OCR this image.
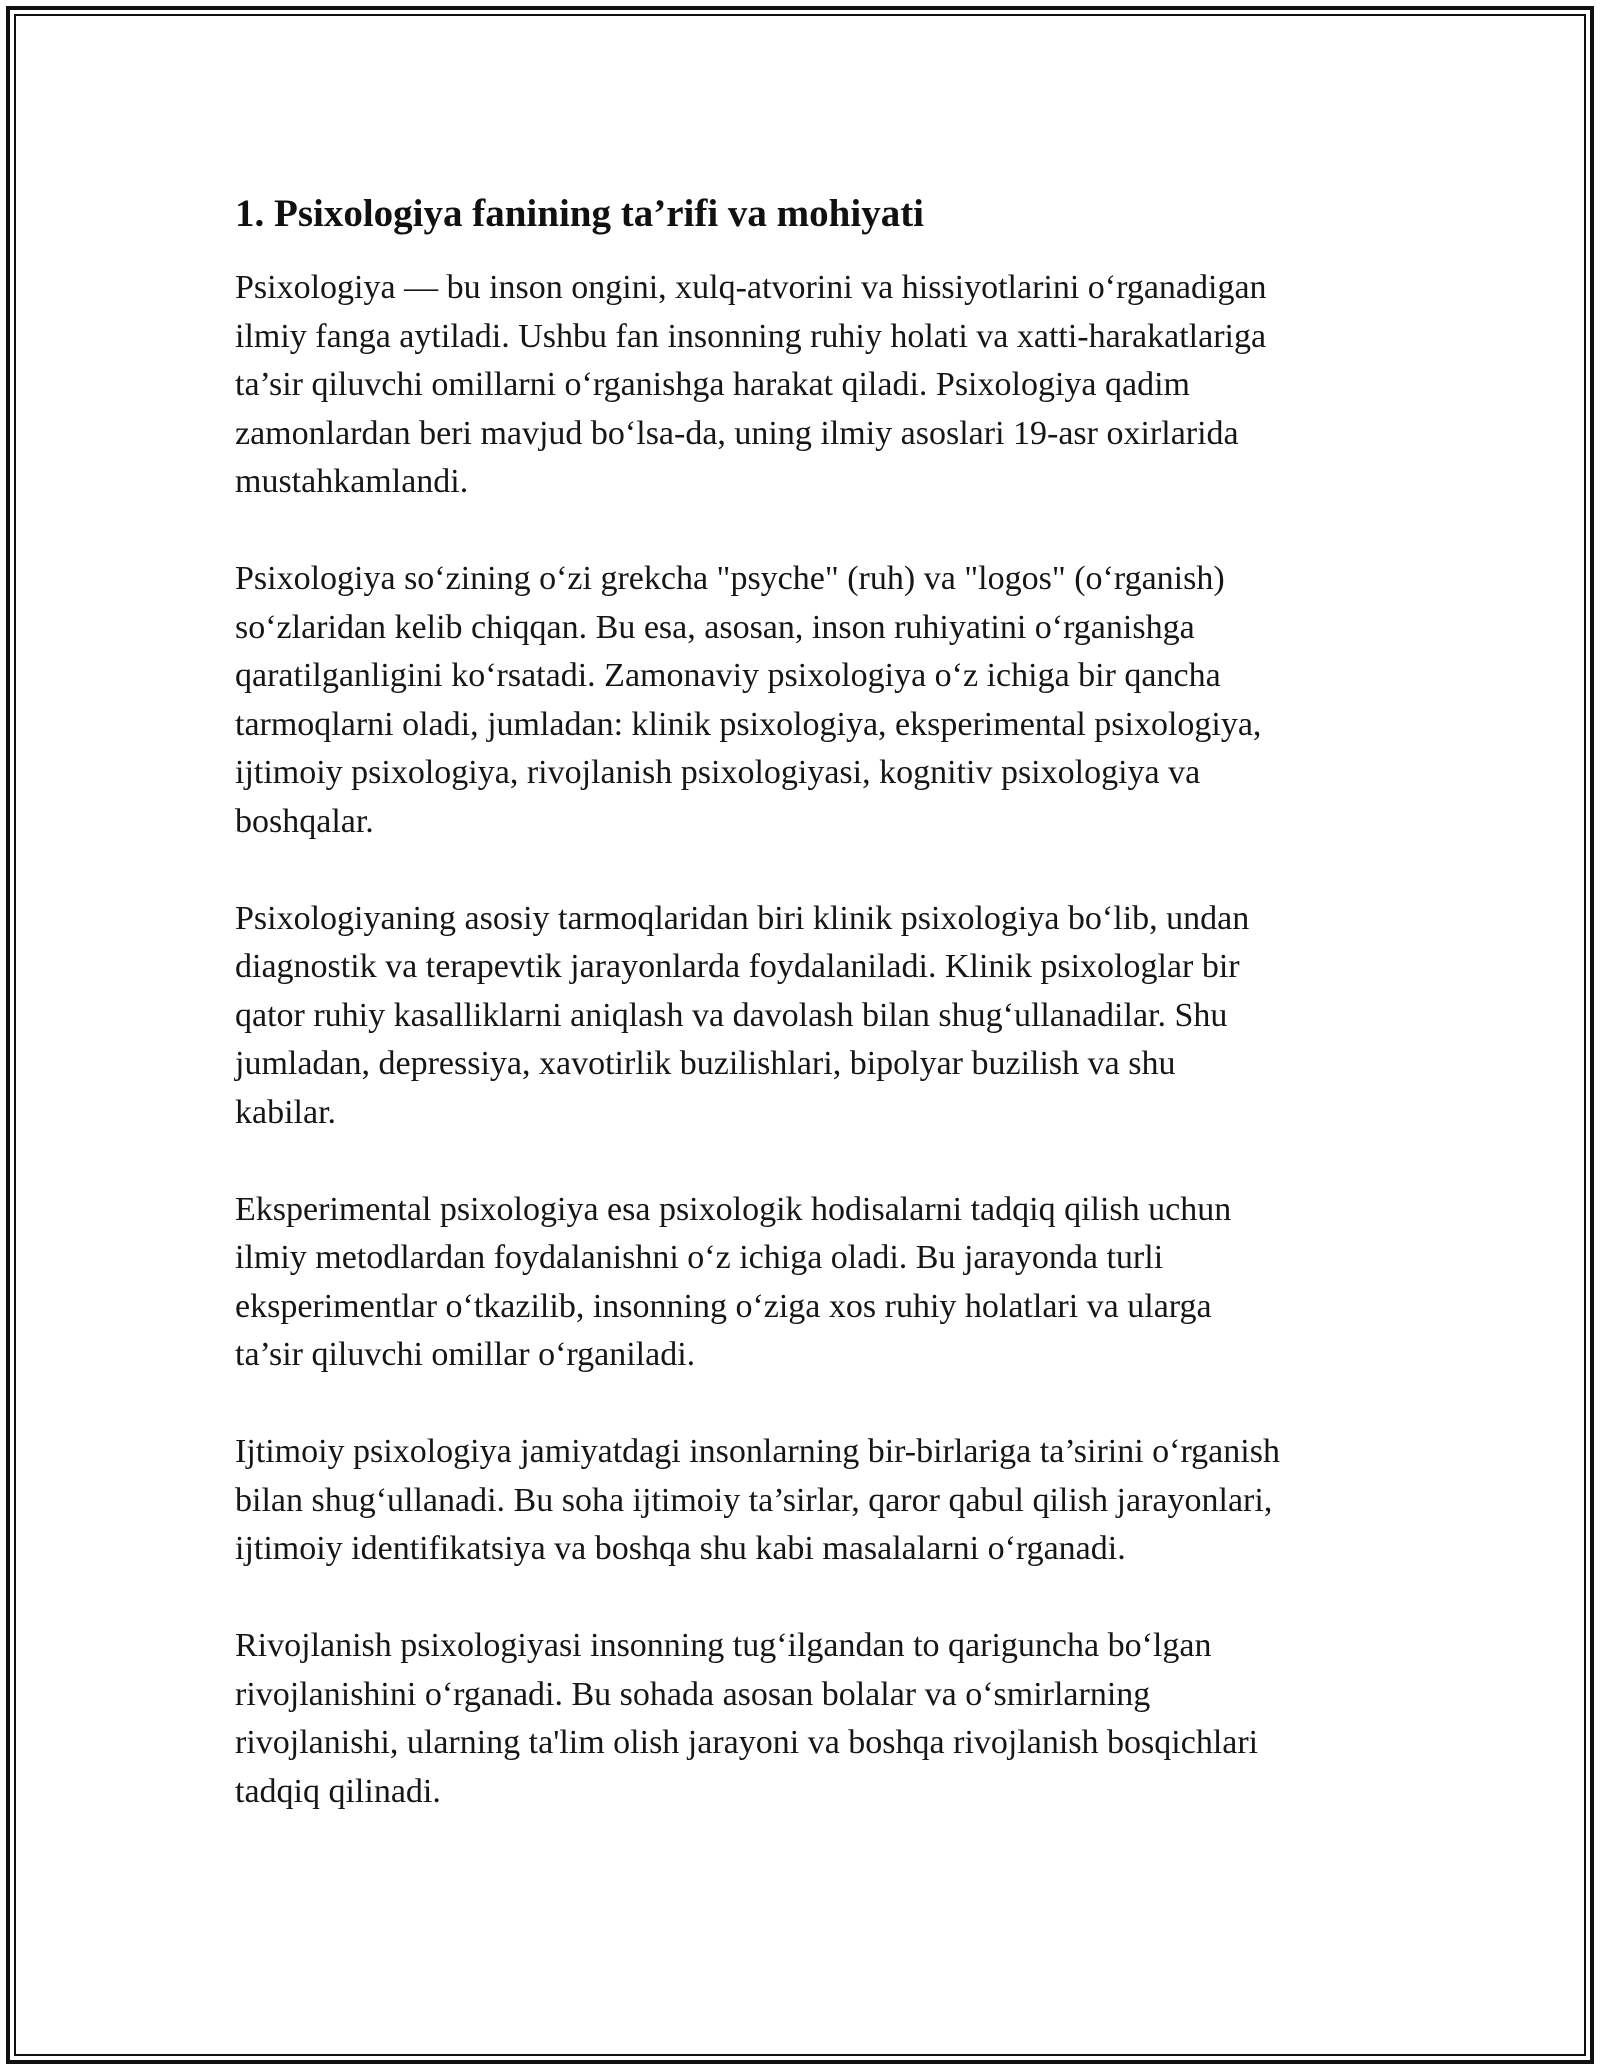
1. Psixologiya fanining ta’rifi va mohiyati

Psixologiya — bu inson ongini, xulq-atvorini va hissiyotlarini oʻrganadigan
ilmiy fanga aytiladi. Ushbu fan insonning ruhiy holati va xatti-harakatlariga
ta’sir qiluvchi omillarni oʻrganishga harakat qiladi. Psixologiya qadim
zamonlardan beri mavjud boʻlsa-da, uning ilmiy asoslari 19-asr oxirlarida
mustahkamlandi.

Psixologiya soʻzining oʻzi grekcha "psyche" (ruh) va "logos" (oʻrganish)
soʻzlaridan kelib chiqqan. Bu esa, asosan, inson ruhiyatini oʻrganishga
qaratilganligini koʻrsatadi. Zamonaviy psixologiya oʻz ichiga bir qancha
tarmoqlarni oladi, jumladan: klinik psixologiya, eksperimental psixologiya,
ijtimoiy psixologiya, rivojlanish psixologiyasi, kognitiv psixologiya va
boshqalar.

Psixologiyaning asosiy tarmoqlaridan biri klinik psixologiya boʻlib, undan
diagnostik va terapevtik jarayonlarda foydalaniladi. Klinik psixologlar bir
qator ruhiy kasalliklarni aniqlash va davolash bilan shugʻullanadilar. Shu
jumladan, depressiya, xavotirlik buzilishlari, bipolyar buzilish va shu
kabilar.

Eksperimental psixologiya esa psixologik hodisalarni tadqiq qilish uchun
ilmiy metodlardan foydalanishni oʻz ichiga oladi. Bu jarayonda turli
eksperimentlar oʻtkazilib, insonning oʻziga xos ruhiy holatlari va ularga
ta’sir qiluvchi omillar oʻrganiladi.

Ijtimoiy psixologiya jamiyatdagi insonlarning bir-birlariga ta’sirini oʻrganish
bilan shugʻullanadi. Bu soha ijtimoiy ta’sirlar, qaror qabul qilish jarayonlari,
ijtimoiy identifikatsiya va boshqa shu kabi masalalarni oʻrganadi.

Rivojlanish psixologiyasi insonning tugʻilgandan to qariguncha boʻlgan
rivojlanishini oʻrganadi. Bu sohada asosan bolalar va oʻsmirlarning
rivojlanishi, ularning ta'lim olish jarayoni va boshqa rivojlanish bosqichlari
tadqiq qilinadi.
